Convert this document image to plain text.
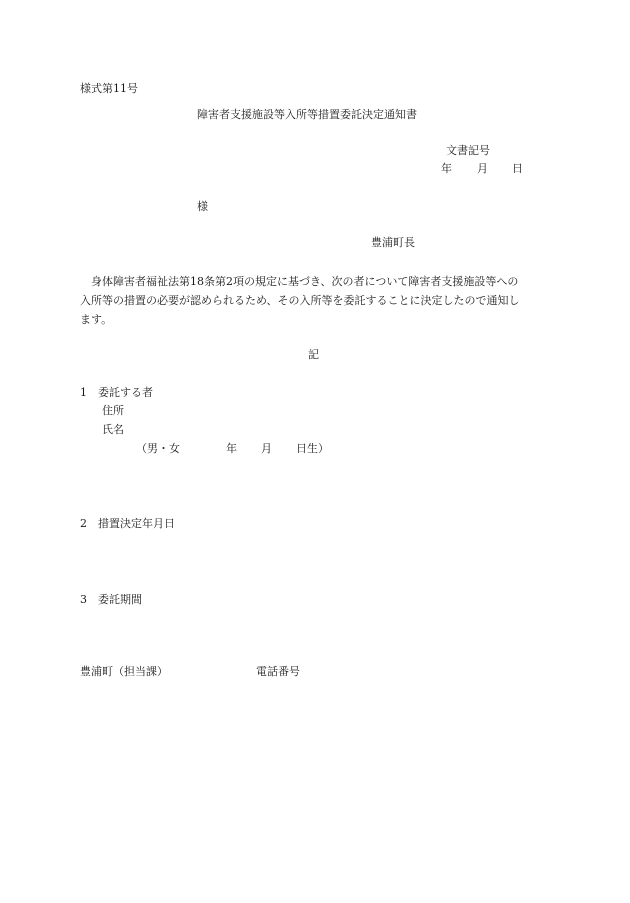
様式第11号
障害者支援施設等入所等措置委託決定通知書
文書記号
年 月 日
様
豊浦町長

　身体障害者福祉法第18条第2項の規定に基づき、次の者について障害者支援施設等への

入所等の措置の必要が認められるため、その入所等を委託することに決定したので通知し

ます。

記
1　委託する者
住所
氏名
（男・女	年 月 日生）
2　措置決定年月日
3　委託期間
豊浦町（担当課）	電話番号
